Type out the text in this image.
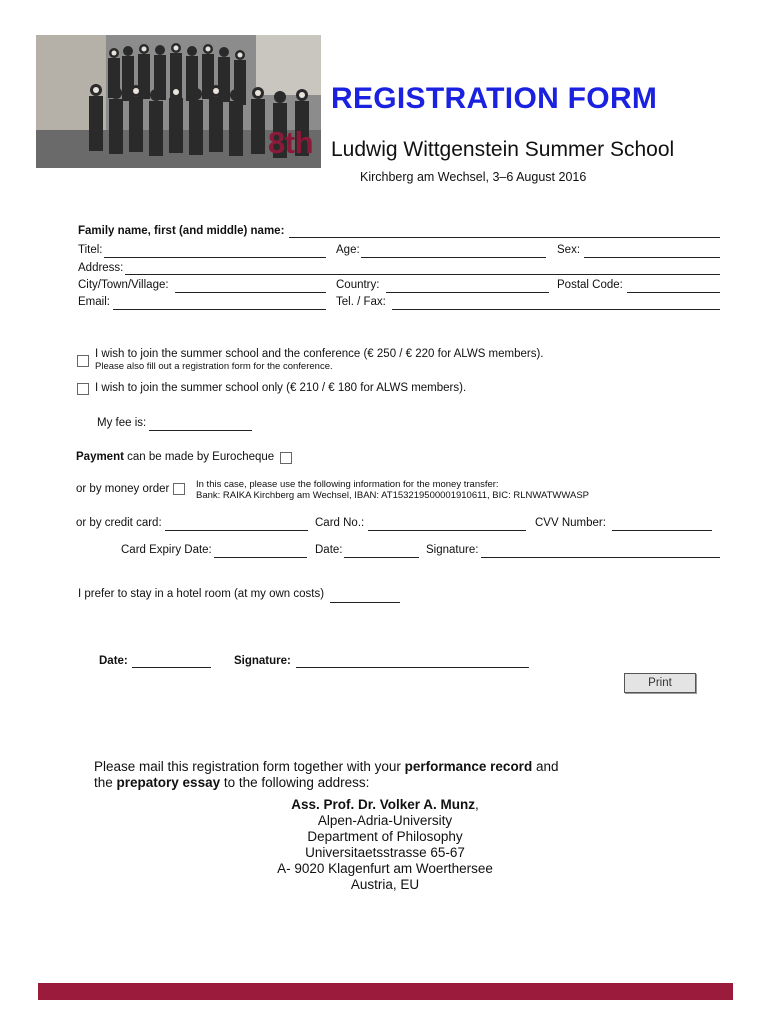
8th
REGISTRATION FORM
Ludwig Wittgenstein Summer School
Kirchberg am Wechsel, 3–6 August 2016
Family name, first (and middle) name:
Titel:	Age:	Sex:
Address:
City/Town/Village:	Country:	Postal Code:
Email:	Tel. / Fax:
I wish to join the summer school and the conference (€ 250 / € 220 for ALWS members).
Please also fill out a registration form for the conference.
I wish to join the summer school only (€ 210 / € 180 for ALWS members).
My fee is:
Payment can be made by Eurocheque
or by money order	In this case, please use the following information for the money transfer:
Bank: RAIKA Kirchberg am Wechsel, IBAN: AT153219500001910611, BIC: RLNWATWWASP
or by credit card:	Card No.:	CVV Number:
Card Expiry Date:	Date:	Signature:
I prefer to stay in a hotel room (at my own costs)
Date:	Signature:
Print
Please mail this registration form together with your performance record and
the prepatory essay to the following address:
Ass. Prof. Dr. Volker A. Munz,
Alpen-Adria-University
Department of Philosophy
Universitaetsstrasse 65-67
A- 9020 Klagenfurt am Woerthersee
Austria, EU
